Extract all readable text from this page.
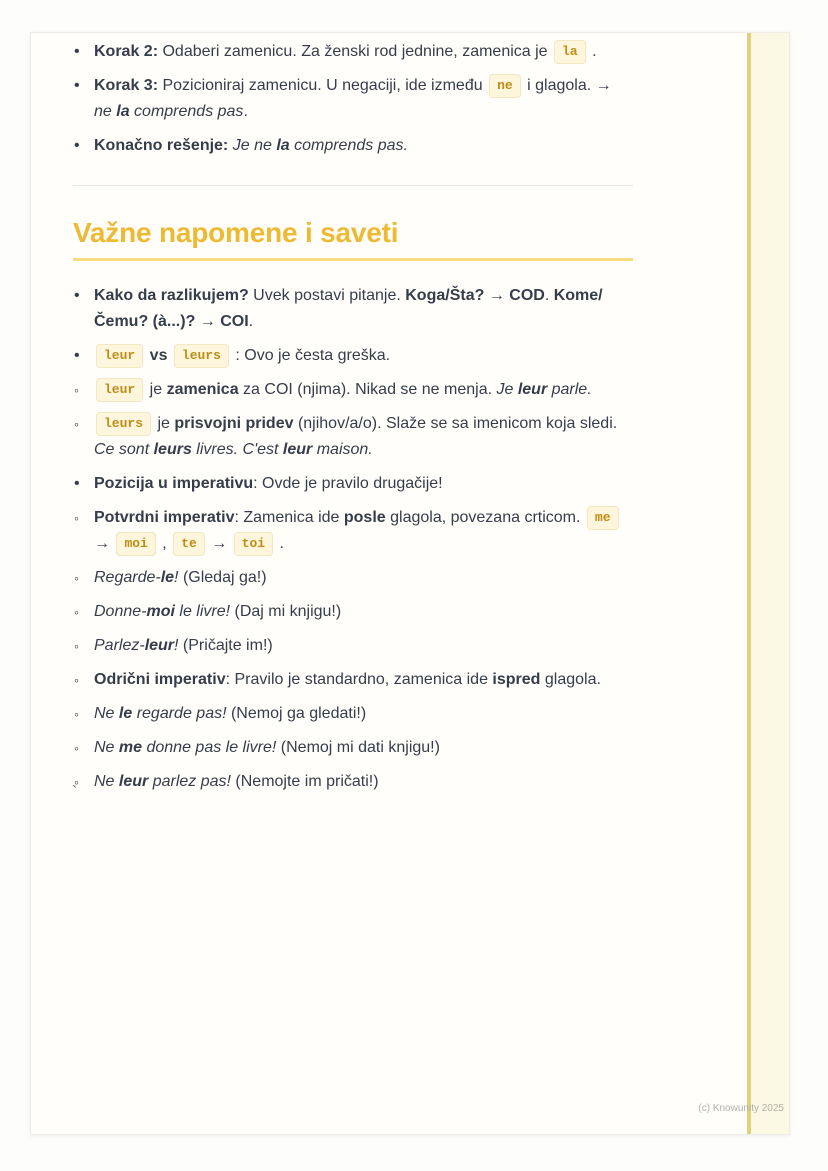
• Korak 2: Odaberi zamenicu. Za ženski rod jednine, zamenica je la .
• Korak 3: Pozicioniraj zamenicu. U negaciji, ide između ne i glagola. → ne la comprends pas.
• Konačno rešenje: Je ne la comprends pas.
Važne napomene i saveti
• Kako da razlikujem? Uvek postavi pitanje. Koga/Šta? → COD. Kome/Čemu? (à...)? → COI.
• leur vs leurs : Ovo je česta greška.
◦ leur je zamenica za COI (njima). Nikad se ne menja. Je leur parle.
◦ leurs je prisvojni pridev (njihov/a/o). Slaže se sa imenicom koja sledi. Ce sont leurs livres. C'est leur maison.
• Pozicija u imperativu: Ovde je pravilo drugačije!
◦ Potvrdni imperativ: Zamenica ide posle glagola, povezana crticom. me → moi , te → toi .
◦ Regarde-le! (Gledaj ga!)
◦ Donne-moi le livre! (Daj mi knjigu!)
◦ Parlez-leur! (Pričajte im!)
◦ Odrični imperativ: Pravilo je standardno, zamenica ide ispred glagola.
◦ Ne le regarde pas! (Nemoj ga gledati!)
◦ Ne me donne pas le livre! (Nemoj mi dati knjigu!)
◦ Ne leur parlez pas! (Nemojte im pričati!)
`
(c) Knowunity 2025
